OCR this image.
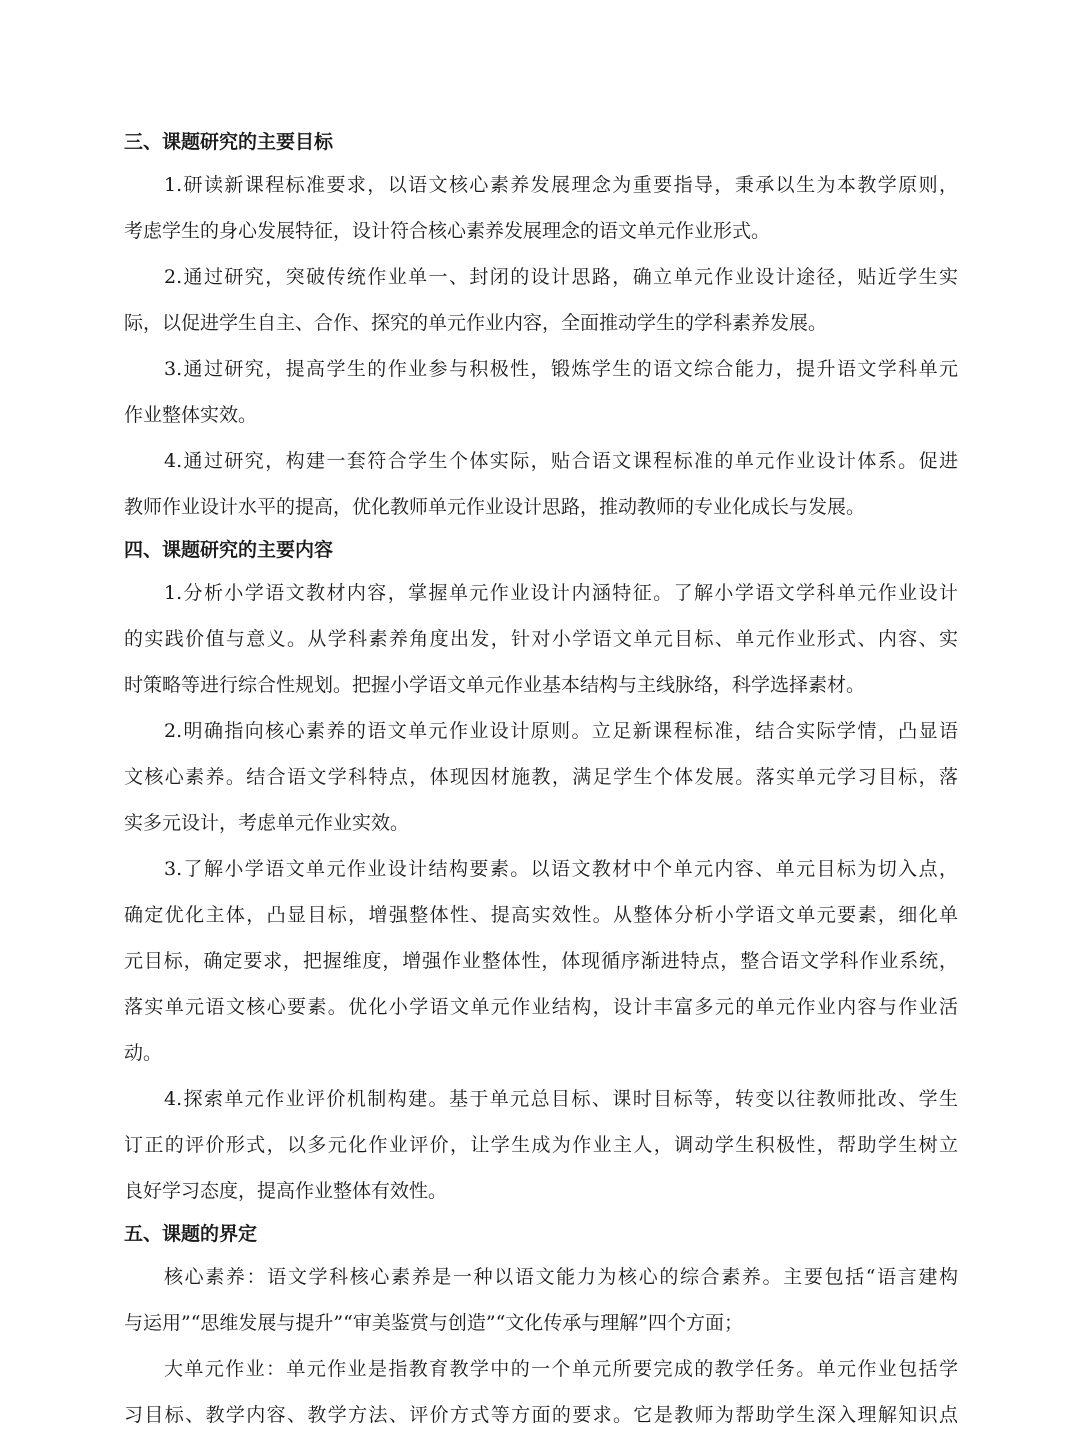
三、课题研究的主要目标
1.研读新课程标准要求，以语文核心素养发展理念为重要指导，秉承以生为本教学原则，
考虑学生的身心发展特征，设计符合核心素养发展理念的语文单元作业形式。
2.通过研究，突破传统作业单一、封闭的设计思路，确立单元作业设计途径，贴近学生实
际，以促进学生自主、合作、探究的单元作业内容，全面推动学生的学科素养发展。
3.通过研究，提高学生的作业参与积极性，锻炼学生的语文综合能力，提升语文学科单元
作业整体实效。
4.通过研究，构建一套符合学生个体实际，贴合语文课程标准的单元作业设计体系。促进
教师作业设计水平的提高，优化教师单元作业设计思路，推动教师的专业化成长与发展。
四、课题研究的主要内容
1.分析小学语文教材内容，掌握单元作业设计内涵特征。了解小学语文学科单元作业设计
的实践价值与意义。从学科素养角度出发，针对小学语文单元目标、单元作业形式、内容、实
时策略等进行综合性规划。把握小学语文单元作业基本结构与主线脉络，科学选择素材。
2.明确指向核心素养的语文单元作业设计原则。立足新课程标准，结合实际学情，凸显语
文核心素养。结合语文学科特点，体现因材施教，满足学生个体发展。落实单元学习目标，落
实多元设计，考虑单元作业实效。
3.了解小学语文单元作业设计结构要素。以语文教材中个单元内容、单元目标为切入点，
确定优化主体，凸显目标，增强整体性、提高实效性。从整体分析小学语文单元要素，细化单
元目标，确定要求，把握维度，增强作业整体性，体现循序渐进特点，整合语文学科作业系统，
落实单元语文核心要素。优化小学语文单元作业结构，设计丰富多元的单元作业内容与作业活
动。
4.探索单元作业评价机制构建。基于单元总目标、课时目标等，转变以往教师批改、学生
订正的评价形式，以多元化作业评价，让学生成为作业主人，调动学生积极性，帮助学生树立
良好学习态度，提高作业整体有效性。
五、课题的界定
核心素养：语文学科核心素养是一种以语文能力为核心的综合素养。主要包括“语言建构
与运用”“思维发展与提升”“审美鉴赏与创造”“文化传承与理解”四个方面；
大单元作业：单元作业是指教育教学中的一个单元所要完成的教学任务。单元作业包括学
习目标、教学内容、教学方法、评价方式等方面的要求。它是教师为帮助学生深入理解知识点
